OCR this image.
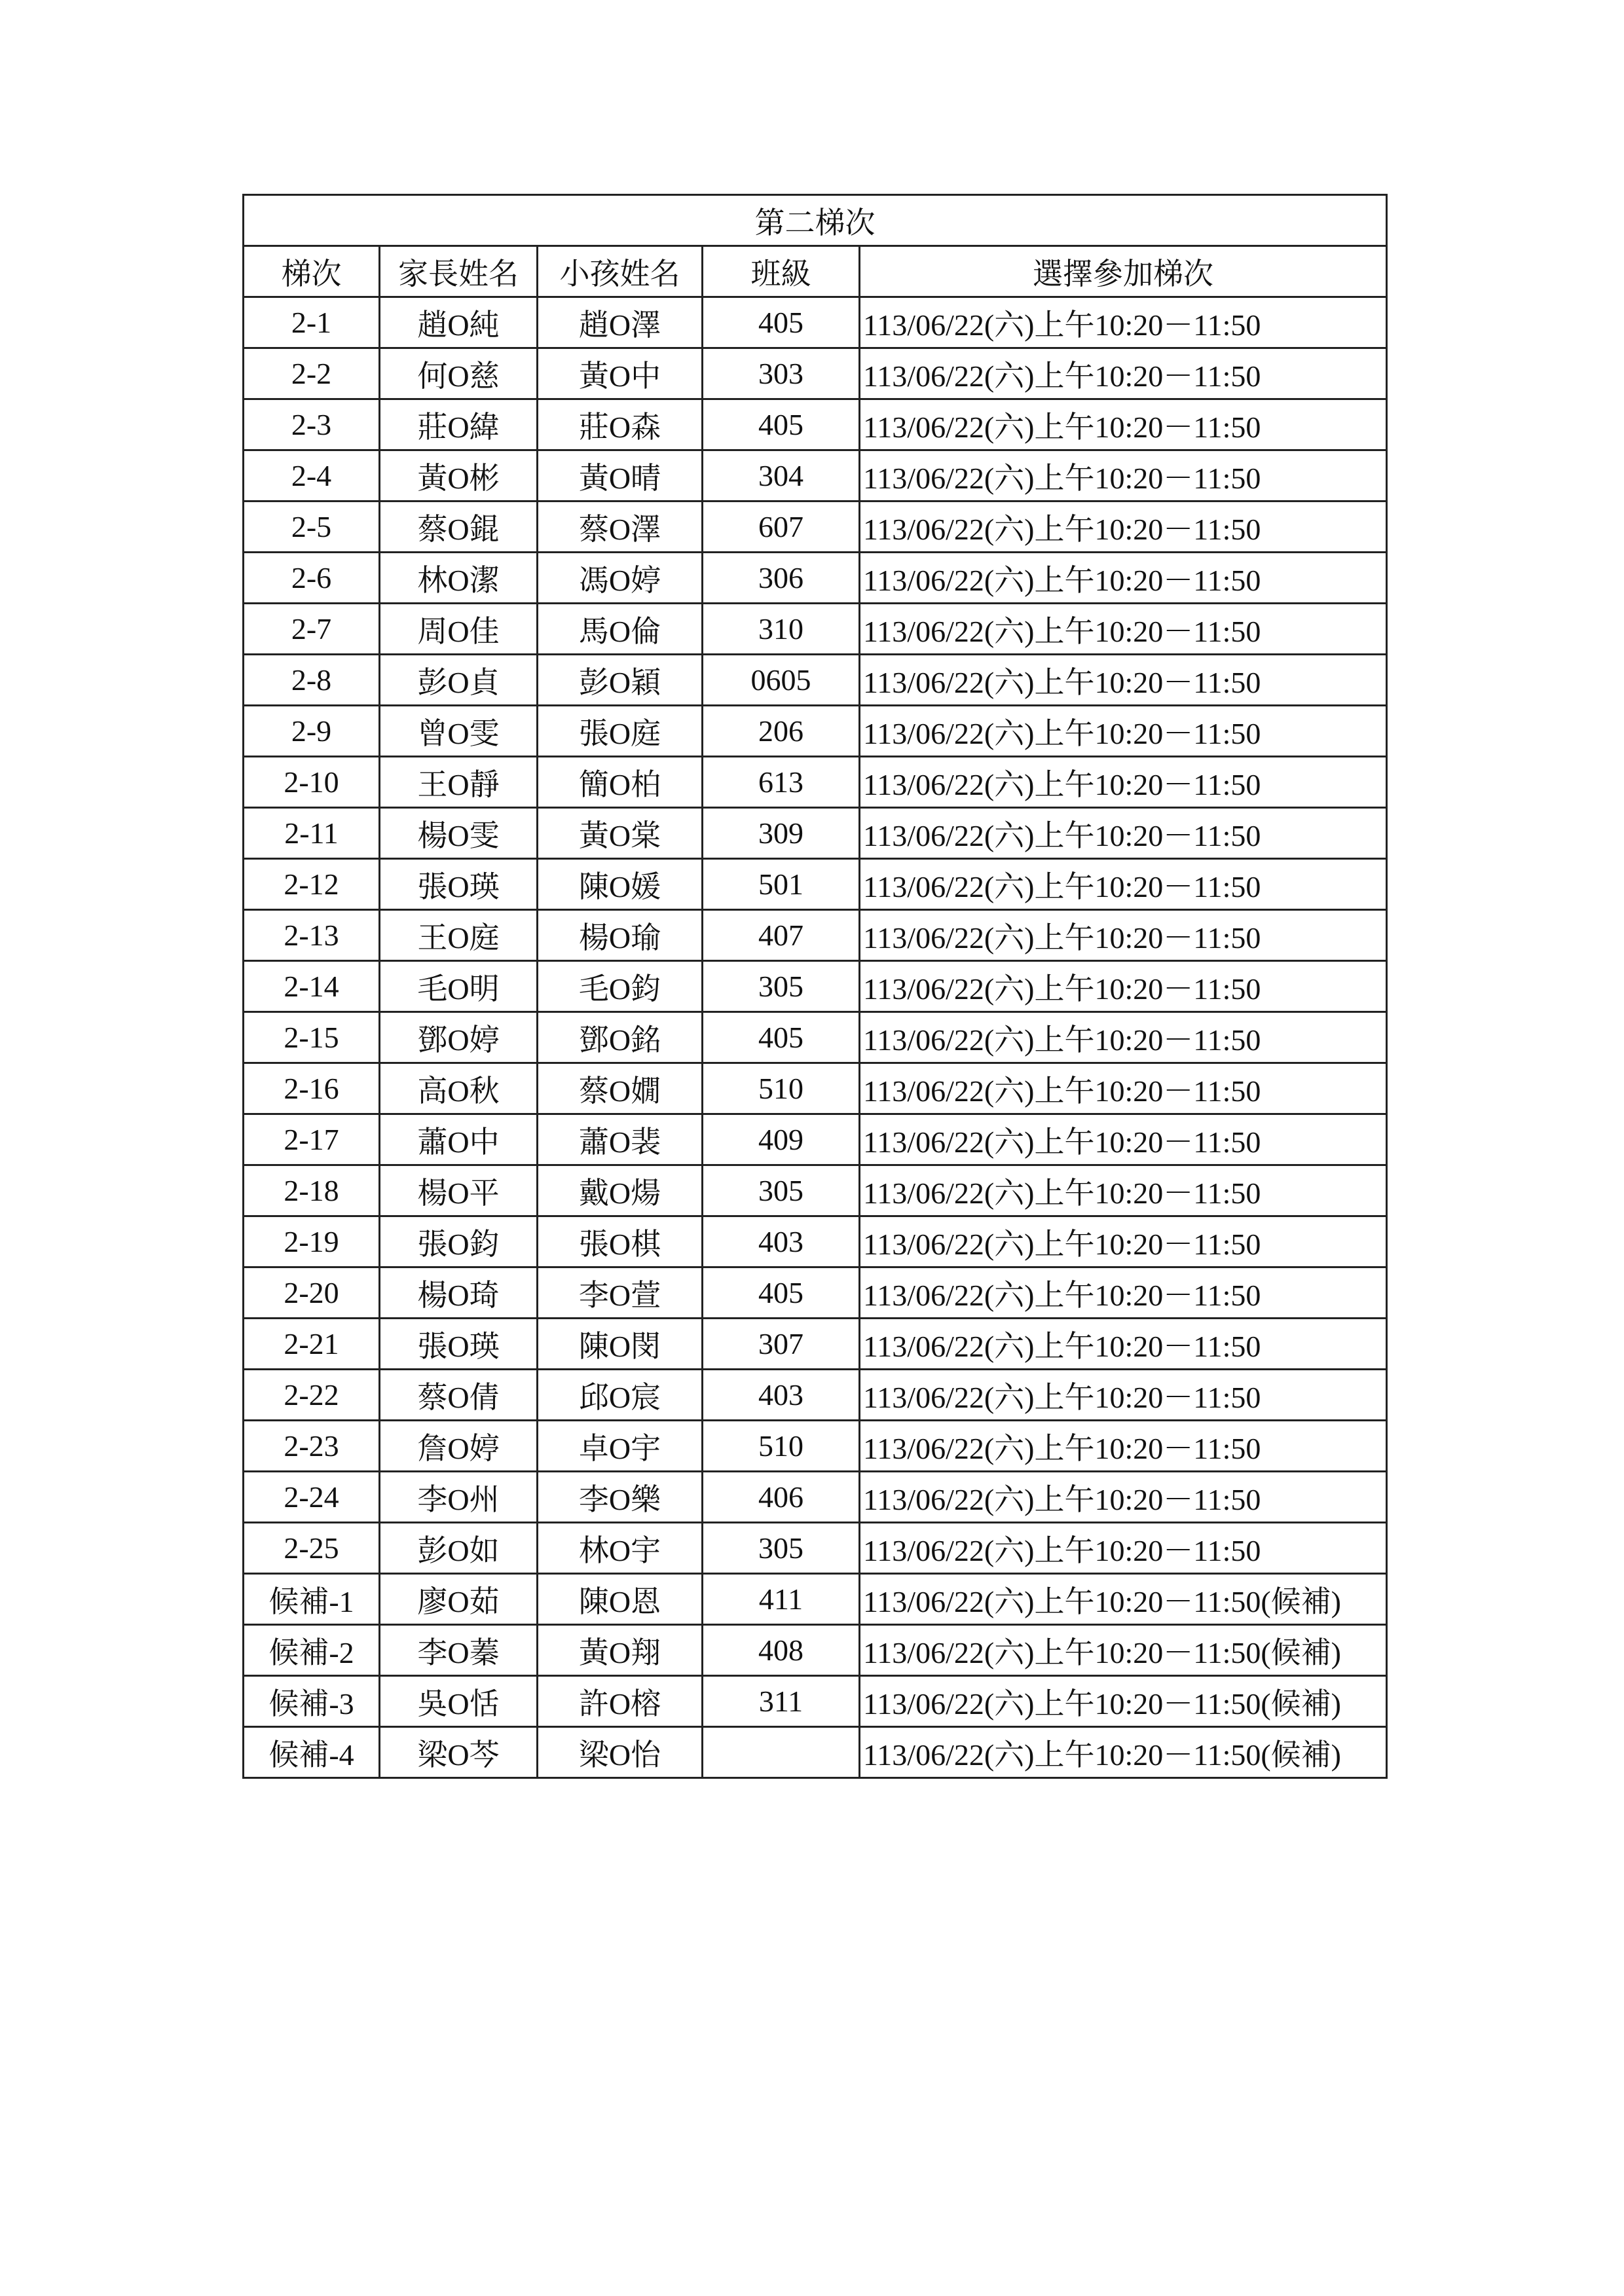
第二梯次				
梯次	家長姓名	小孩姓名	班級	選擇參加梯次
2-1	趙O純	趙O澤	405	113/06/22(六)上午10:20－11:50
2-2	何O慈	黃O中	303	113/06/22(六)上午10:20－11:50
2-3	莊O緯	莊O森	405	113/06/22(六)上午10:20－11:50
2-4	黃O彬	黃O晴	304	113/06/22(六)上午10:20－11:50
2-5	蔡O錕	蔡O澤	607	113/06/22(六)上午10:20－11:50
2-6	林O潔	馮O婷	306	113/06/22(六)上午10:20－11:50
2-7	周O佳	馬O倫	310	113/06/22(六)上午10:20－11:50
2-8	彭O貞	彭O穎	0605	113/06/22(六)上午10:20－11:50
2-9	曾O雯	張O庭	206	113/06/22(六)上午10:20－11:50
2-10	王O靜	簡O柏	613	113/06/22(六)上午10:20－11:50
2-11	楊O雯	黃O棠	309	113/06/22(六)上午10:20－11:50
2-12	張O瑛	陳O媛	501	113/06/22(六)上午10:20－11:50
2-13	王O庭	楊O瑜	407	113/06/22(六)上午10:20－11:50
2-14	毛O明	毛O鈞	305	113/06/22(六)上午10:20－11:50
2-15	鄧O婷	鄧O銘	405	113/06/22(六)上午10:20－11:50
2-16	高O秋	蔡O嫺	510	113/06/22(六)上午10:20－11:50
2-17	蕭O中	蕭O裴	409	113/06/22(六)上午10:20－11:50
2-18	楊O平	戴O煬	305	113/06/22(六)上午10:20－11:50
2-19	張O鈞	張O棋	403	113/06/22(六)上午10:20－11:50
2-20	楊O琦	李O萱	405	113/06/22(六)上午10:20－11:50
2-21	張O瑛	陳O閔	307	113/06/22(六)上午10:20－11:50
2-22	蔡O倩	邱O宸	403	113/06/22(六)上午10:20－11:50
2-23	詹O婷	卓O宇	510	113/06/22(六)上午10:20－11:50
2-24	李O州	李O樂	406	113/06/22(六)上午10:20－11:50
2-25	彭O如	林O宇	305	113/06/22(六)上午10:20－11:50
候補-1	廖O茹	陳O恩	411	113/06/22(六)上午10:20－11:50(候補)
候補-2	李O蓁	黃O翔	408	113/06/22(六)上午10:20－11:50(候補)
候補-3	吳O恬	許O榕	311	113/06/22(六)上午10:20－11:50(候補)
候補-4	梁O芩	梁O怡		113/06/22(六)上午10:20－11:50(候補)
